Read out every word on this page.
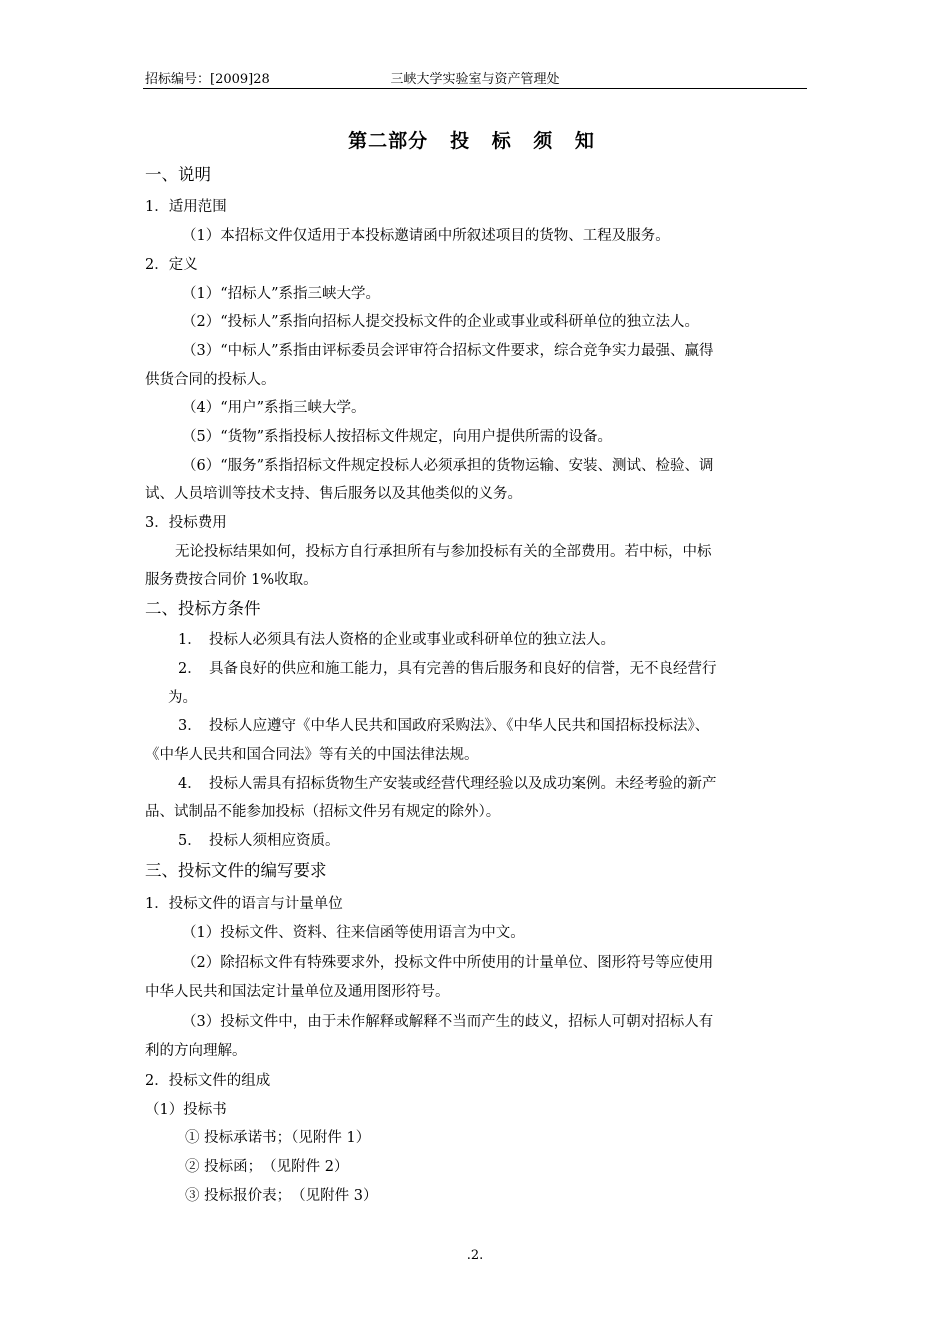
招标编号：[2009]28	三峡大学实验室与资产管理处
第二部分 投 标 须 知
一、说明
1．适用范围
（1）本招标文件仅适用于本投标邀请函中所叙述项目的货物、工程及服务。
2．定义
（1）“招标人”系指三峡大学。
（2）“投标人”系指向招标人提交投标文件的企业或事业或科研单位的独立法人。
（3）“中标人”系指由评标委员会评审符合招标文件要求，综合竞争实力最强、赢得
供货合同的投标人。
（4）“用户”系指三峡大学。
（5）“货物”系指投标人按招标文件规定，向用户提供所需的设备。
（6）“服务”系指招标文件规定投标人必须承担的货物运输、安装、测试、检验、调
试、人员培训等技术支持、售后服务以及其他类似的义务。
3．投标费用
无论投标结果如何，投标方自行承担所有与参加投标有关的全部费用。若中标，中标
服务费按合同价 1%收取。
二、投标方条件
1．　投标人必须具有法人资格的企业或事业或科研单位的独立法人。
2．　具备良好的供应和施工能力，具有完善的售后服务和良好的信誉，无不良经营行
为。
3．　投标人应遵守《中华人民共和国政府采购法》、《中华人民共和国招标投标法》、
《中华人民共和国合同法》等有关的中国法律法规。
4．　投标人需具有招标货物生产安装或经营代理经验以及成功案例。未经考验的新产
品、试制品不能参加投标（招标文件另有规定的除外）。
5．　投标人须相应资质。
三、投标文件的编写要求
1．投标文件的语言与计量单位
（1）投标文件、资料、往来信函等使用语言为中文。
（2）除招标文件有特殊要求外，投标文件中所使用的计量单位、图形符号等应使用
中华人民共和国法定计量单位及通用图形符号。
（3）投标文件中，由于未作解释或解释不当而产生的歧义，招标人可朝对招标人有
利的方向理解。
2．投标文件的组成
（1）投标书
① 投标承诺书；（见附件 1）
② 投标函；　（见附件 2）
③ 投标报价表；　（见附件 3）
.2.
